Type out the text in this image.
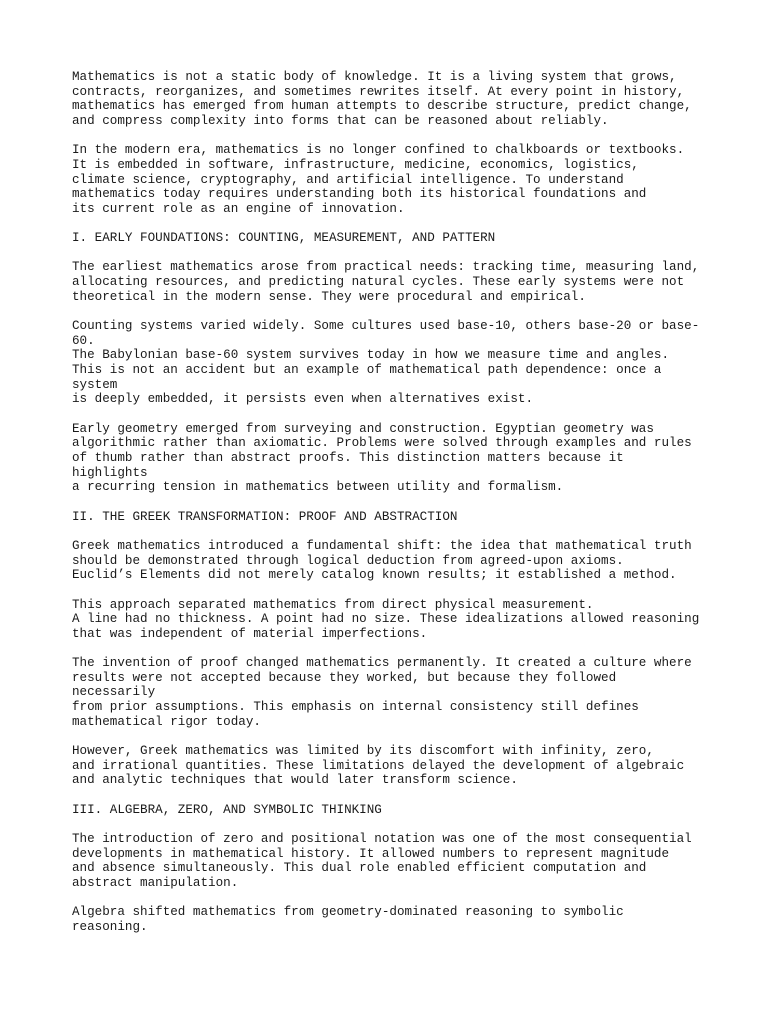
Mathematics is not a static body of knowledge. It is a living system that grows,
contracts, reorganizes, and sometimes rewrites itself. At every point in history,
mathematics has emerged from human attempts to describe structure, predict change,
and compress complexity into forms that can be reasoned about reliably.
In the modern era, mathematics is no longer confined to chalkboards or textbooks.
It is embedded in software, infrastructure, medicine, economics, logistics,
climate science, cryptography, and artificial intelligence. To understand
mathematics today requires understanding both its historical foundations and
its current role as an engine of innovation.
I. EARLY FOUNDATIONS: COUNTING, MEASUREMENT, AND PATTERN
The earliest mathematics arose from practical needs: tracking time, measuring land,
allocating resources, and predicting natural cycles. These early systems were not
theoretical in the modern sense. They were procedural and empirical.
Counting systems varied widely. Some cultures used base-10, others base-20 or base-
60.
The Babylonian base-60 system survives today in how we measure time and angles.
This is not an accident but an example of mathematical path dependence: once a
system
is deeply embedded, it persists even when alternatives exist.
Early geometry emerged from surveying and construction. Egyptian geometry was
algorithmic rather than axiomatic. Problems were solved through examples and rules
of thumb rather than abstract proofs. This distinction matters because it
highlights
a recurring tension in mathematics between utility and formalism.
II. THE GREEK TRANSFORMATION: PROOF AND ABSTRACTION
Greek mathematics introduced a fundamental shift: the idea that mathematical truth
should be demonstrated through logical deduction from agreed-upon axioms.
Euclid’s Elements did not merely catalog known results; it established a method.
This approach separated mathematics from direct physical measurement.
A line had no thickness. A point had no size. These idealizations allowed reasoning
that was independent of material imperfections.
The invention of proof changed mathematics permanently. It created a culture where
results were not accepted because they worked, but because they followed
necessarily
from prior assumptions. This emphasis on internal consistency still defines
mathematical rigor today.
However, Greek mathematics was limited by its discomfort with infinity, zero,
and irrational quantities. These limitations delayed the development of algebraic
and analytic techniques that would later transform science.
III. ALGEBRA, ZERO, AND SYMBOLIC THINKING
The introduction of zero and positional notation was one of the most consequential
developments in mathematical history. It allowed numbers to represent magnitude
and absence simultaneously. This dual role enabled efficient computation and
abstract manipulation.
Algebra shifted mathematics from geometry-dominated reasoning to symbolic
reasoning.
